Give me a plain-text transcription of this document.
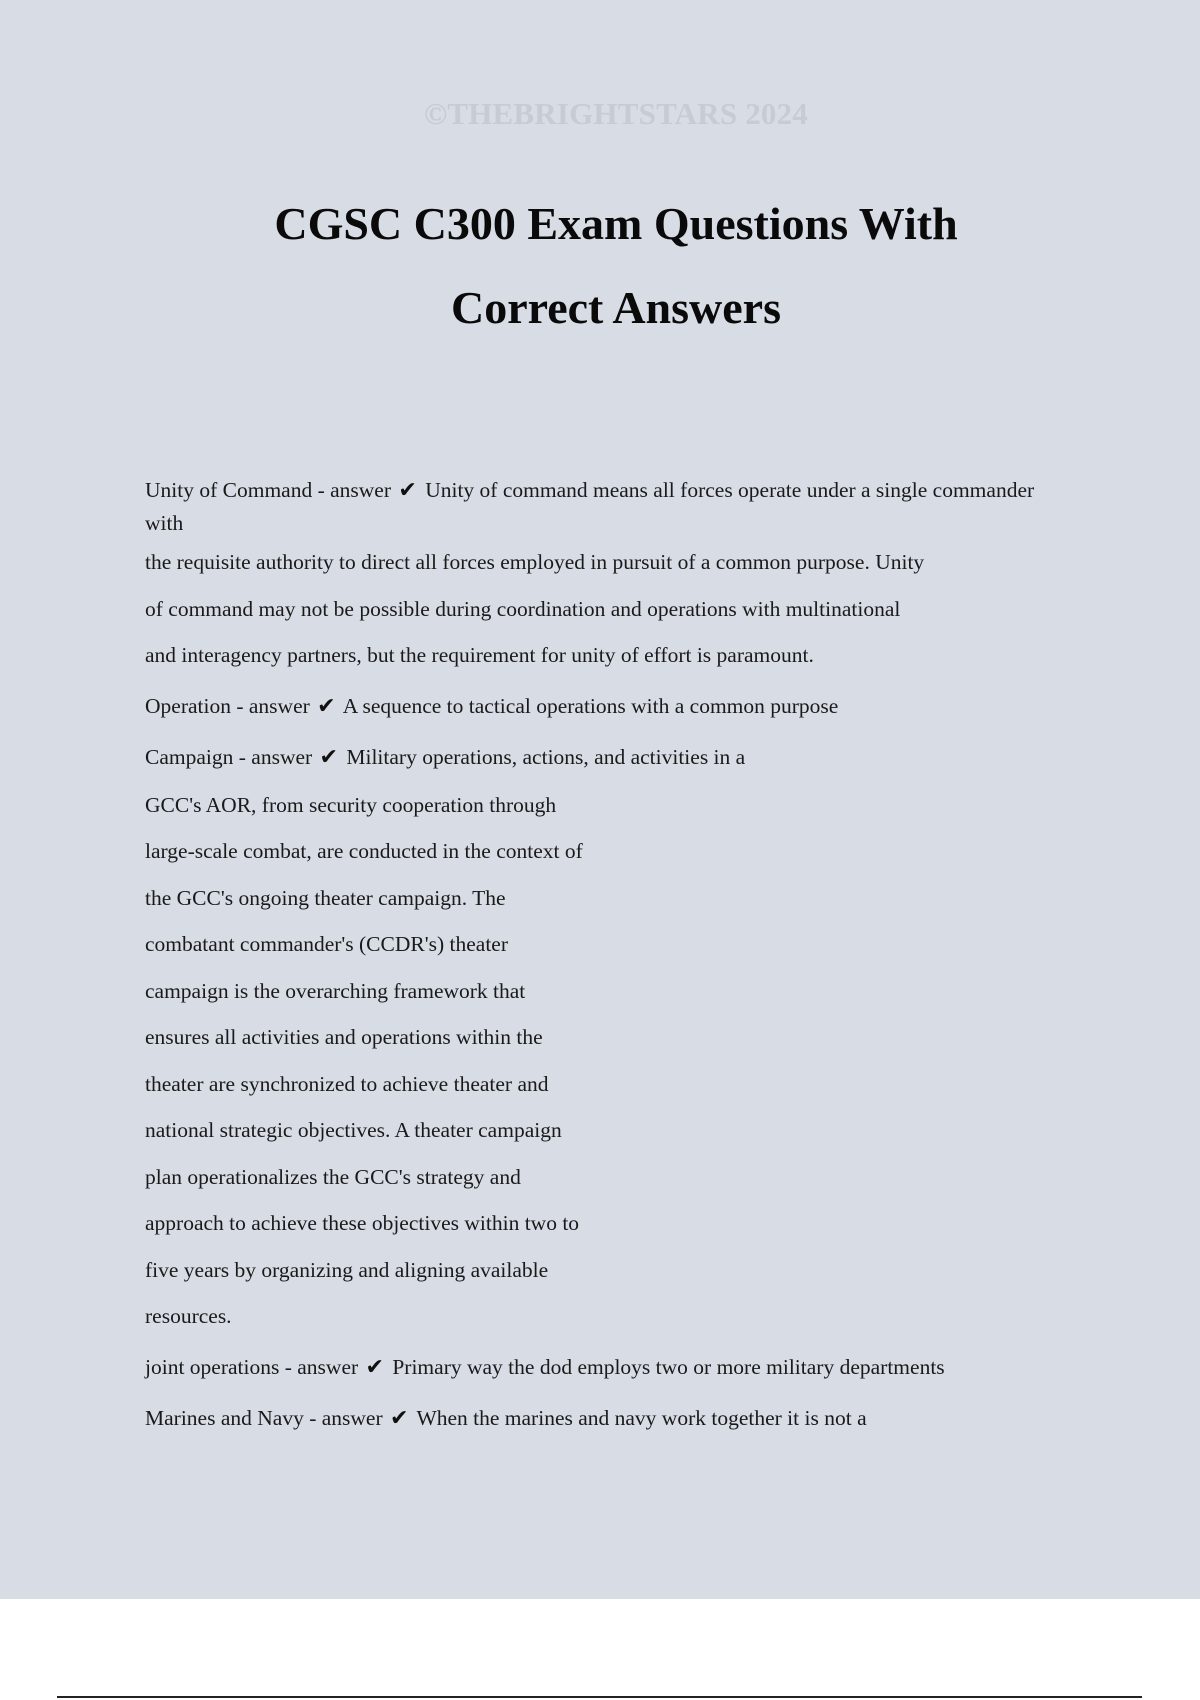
©THEBRIGHTSTARS 2024
CGSC C300 Exam Questions With
Correct Answers
Unity of Command - answer ✔ Unity of command means all forces operate under a single commander with
the requisite authority to direct all forces employed in pursuit of a common purpose. Unity
of command may not be possible during coordination and operations with multinational
and interagency partners, but the requirement for unity of effort is paramount.
Operation - answer ✔ A sequence to tactical operations with a common purpose
Campaign - answer ✔ Military operations, actions, and activities in a
GCC's AOR, from security cooperation through
large-scale combat, are conducted in the context of
the GCC's ongoing theater campaign. The
combatant commander's (CCDR's) theater
campaign is the overarching framework that
ensures all activities and operations within the
theater are synchronized to achieve theater and
national strategic objectives. A theater campaign
plan operationalizes the GCC's strategy and
approach to achieve these objectives within two to
five years by organizing and aligning available
resources.
joint operations - answer ✔ Primary way the dod employs two or more military departments
Marines and Navy - answer ✔ When the marines and navy work together it is not a
